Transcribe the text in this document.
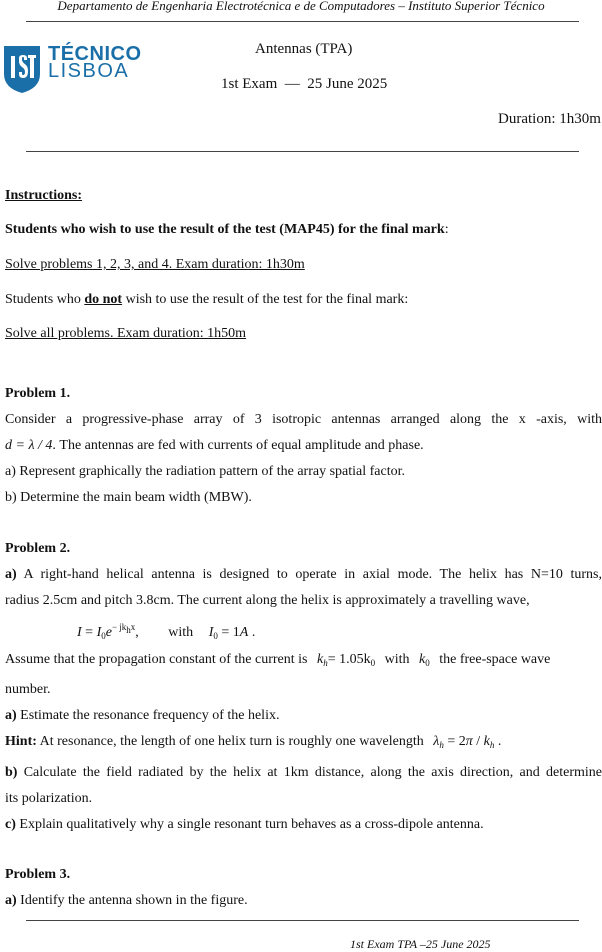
Departamento de Engenharia Electrotécnica e de Computadores – Instituto Superior Técnico
TÉCNICO
LISBOA
Antennas (TPA)
1st Exam  —  25 June 2025
Duration: 1h30m
Instructions:
Students who wish to use the result of the test (MAP45) for the final mark:
Solve problems 1, 2, 3, and 4. Exam duration: 1h30m
Students who do not wish to use the result of the test for the final mark:
Solve all problems. Exam duration: 1h50m
Problem 1.
Consider a progressive-phase array of 3 isotropic antennas arranged along the x -axis, with
d = λ / 4. The antennas are fed with currents of equal amplitude and phase.
a) Represent graphically the radiation pattern of the array spatial factor.
b) Determine the main beam width (MBW).
Problem 2.
a) A right-hand helical antenna is designed to operate in axial mode. The helix has N=10 turns,
radius 2.5cm and pitch 3.8cm. The current along the helix is approximately a travelling wave,
$I = I_0e^{- jk_hx}$, with $I_0 = 1A$ .
Assume that the propagation constant of the current is $k_h= 1.05k_0$ with $k_0$ the free-space wave
number.
a) Estimate the resonance frequency of the helix.
Hint: At resonance, the length of one helix turn is roughly one wavelength $\lambda_h = 2\pi / k_h$ .
b) Calculate the field radiated by the helix at 1km distance, along the axis direction, and determine
its polarization.
c) Explain qualitatively why a single resonant turn behaves as a cross-dipole antenna.
Problem 3.
a) Identify the antenna shown in the figure.
1st Exam TPA –25 June 2025
